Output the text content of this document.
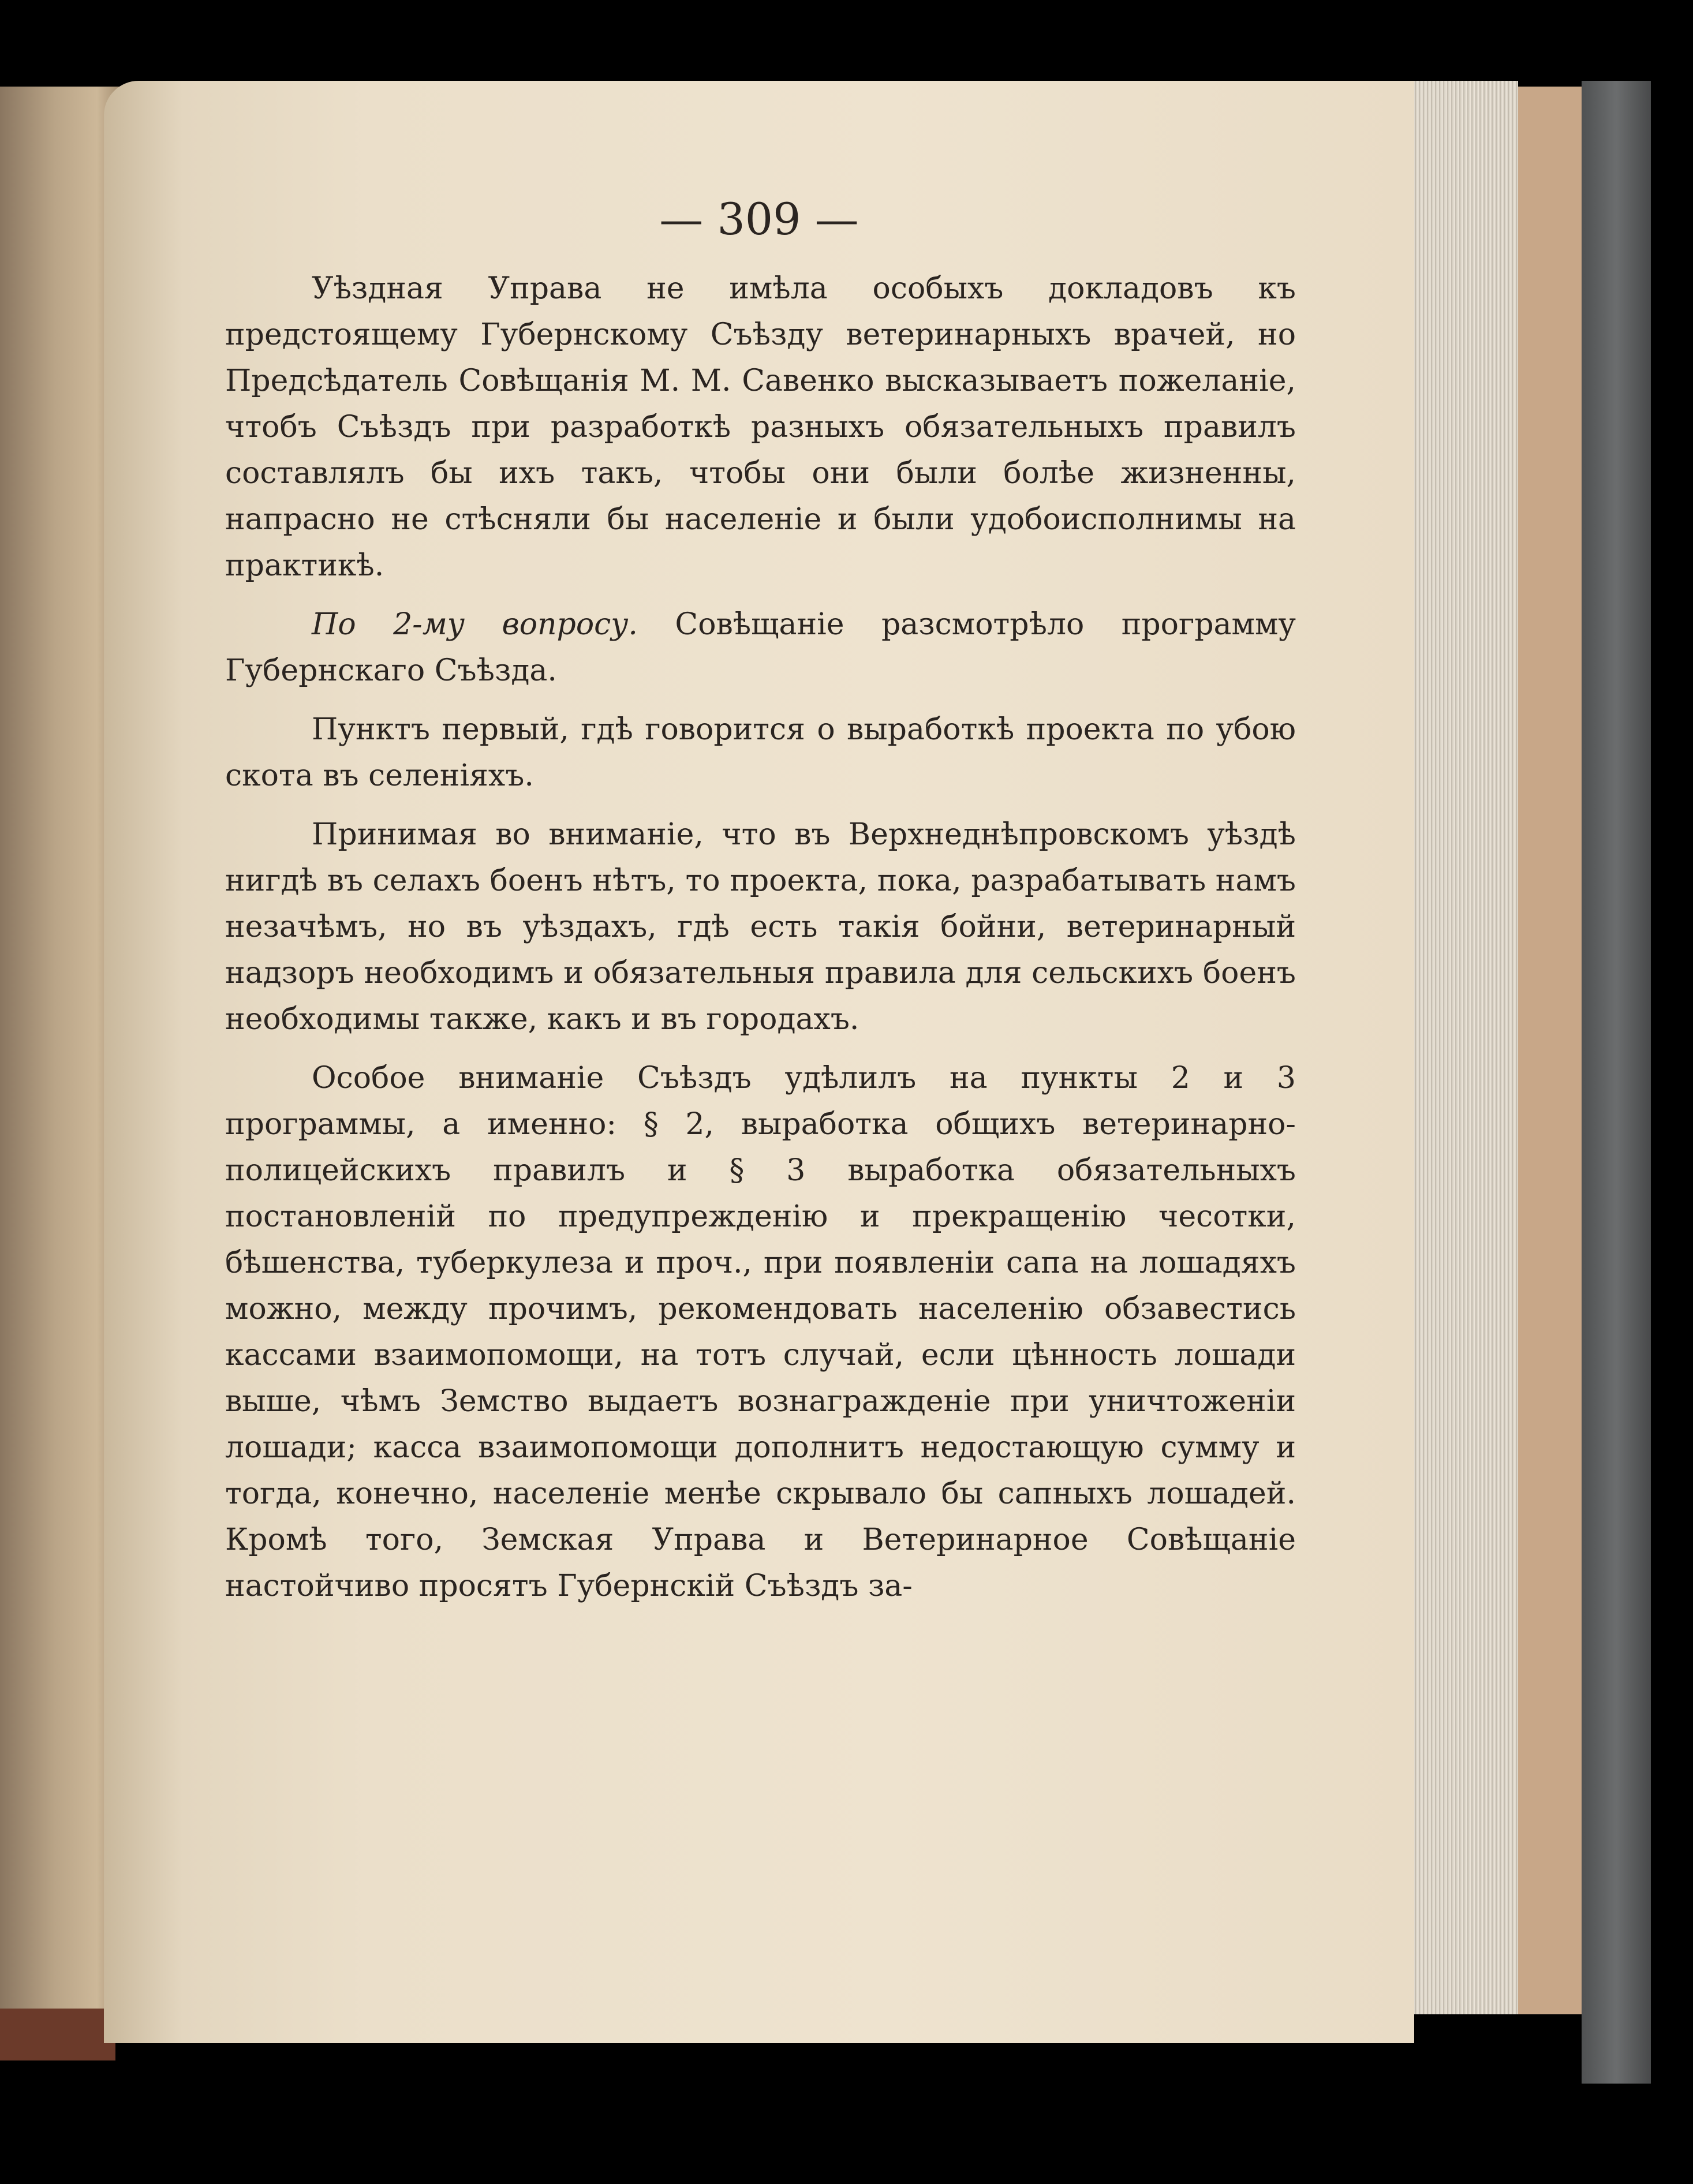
— 309 —

Уѣздная Управа не имѣла особыхъ докладовъ къ предстоящему Губернскому Съѣзду ветеринарныхъ врачей, но Предсѣдатель Совѣщанія М. М. Савенко высказываетъ пожеланіе, чтобъ Съѣздъ при разработкѣ разныхъ обязательныхъ правилъ составлялъ бы ихъ такъ, чтобы они были болѣе жизненны, напрасно не стѣсняли бы населеніе и были удобоисполнимы на практикѣ.

По 2-му вопросу. Совѣщаніе разсмотрѣло программу Губернскаго Съѣзда.

Пунктъ первый, гдѣ говорится о выработкѣ проекта по убою скота въ селеніяхъ.

Принимая во вниманіе, что въ Верхнеднѣпровскомъ уѣздѣ нигдѣ въ селахъ боенъ нѣтъ, то проекта, пока, разрабатывать намъ незачѣмъ, но въ уѣздахъ, гдѣ есть такія бойни, ветеринарный надзоръ необходимъ и обязательныя правила для сельскихъ боенъ необходимы также, какъ и въ городахъ.

Особое вниманіе Съѣздъ удѣлилъ на пункты 2 и 3 программы, а именно: § 2, выработка общихъ ветеринарно-полицейскихъ правилъ и § 3 выработка обязательныхъ постановленій по предупрежденію и прекращенію чесотки, бѣшенства, туберкулеза и проч., при появленіи сапа на лошадяхъ можно, между прочимъ, рекомендовать населенію обзавестись кассами взаимопомощи, на тотъ случай, если цѣнность лошади выше, чѣмъ Земство выдаетъ вознагражденіе при уничтоженіи лошади; касса взаимопомощи дополнитъ недостающую сумму и тогда, конечно, населеніе менѣе скрывало бы сапныхъ лошадей. Кромѣ того, Земская Управа и Ветеринарное Совѣщаніе настойчиво просятъ Губернскій Съѣздъ за-
